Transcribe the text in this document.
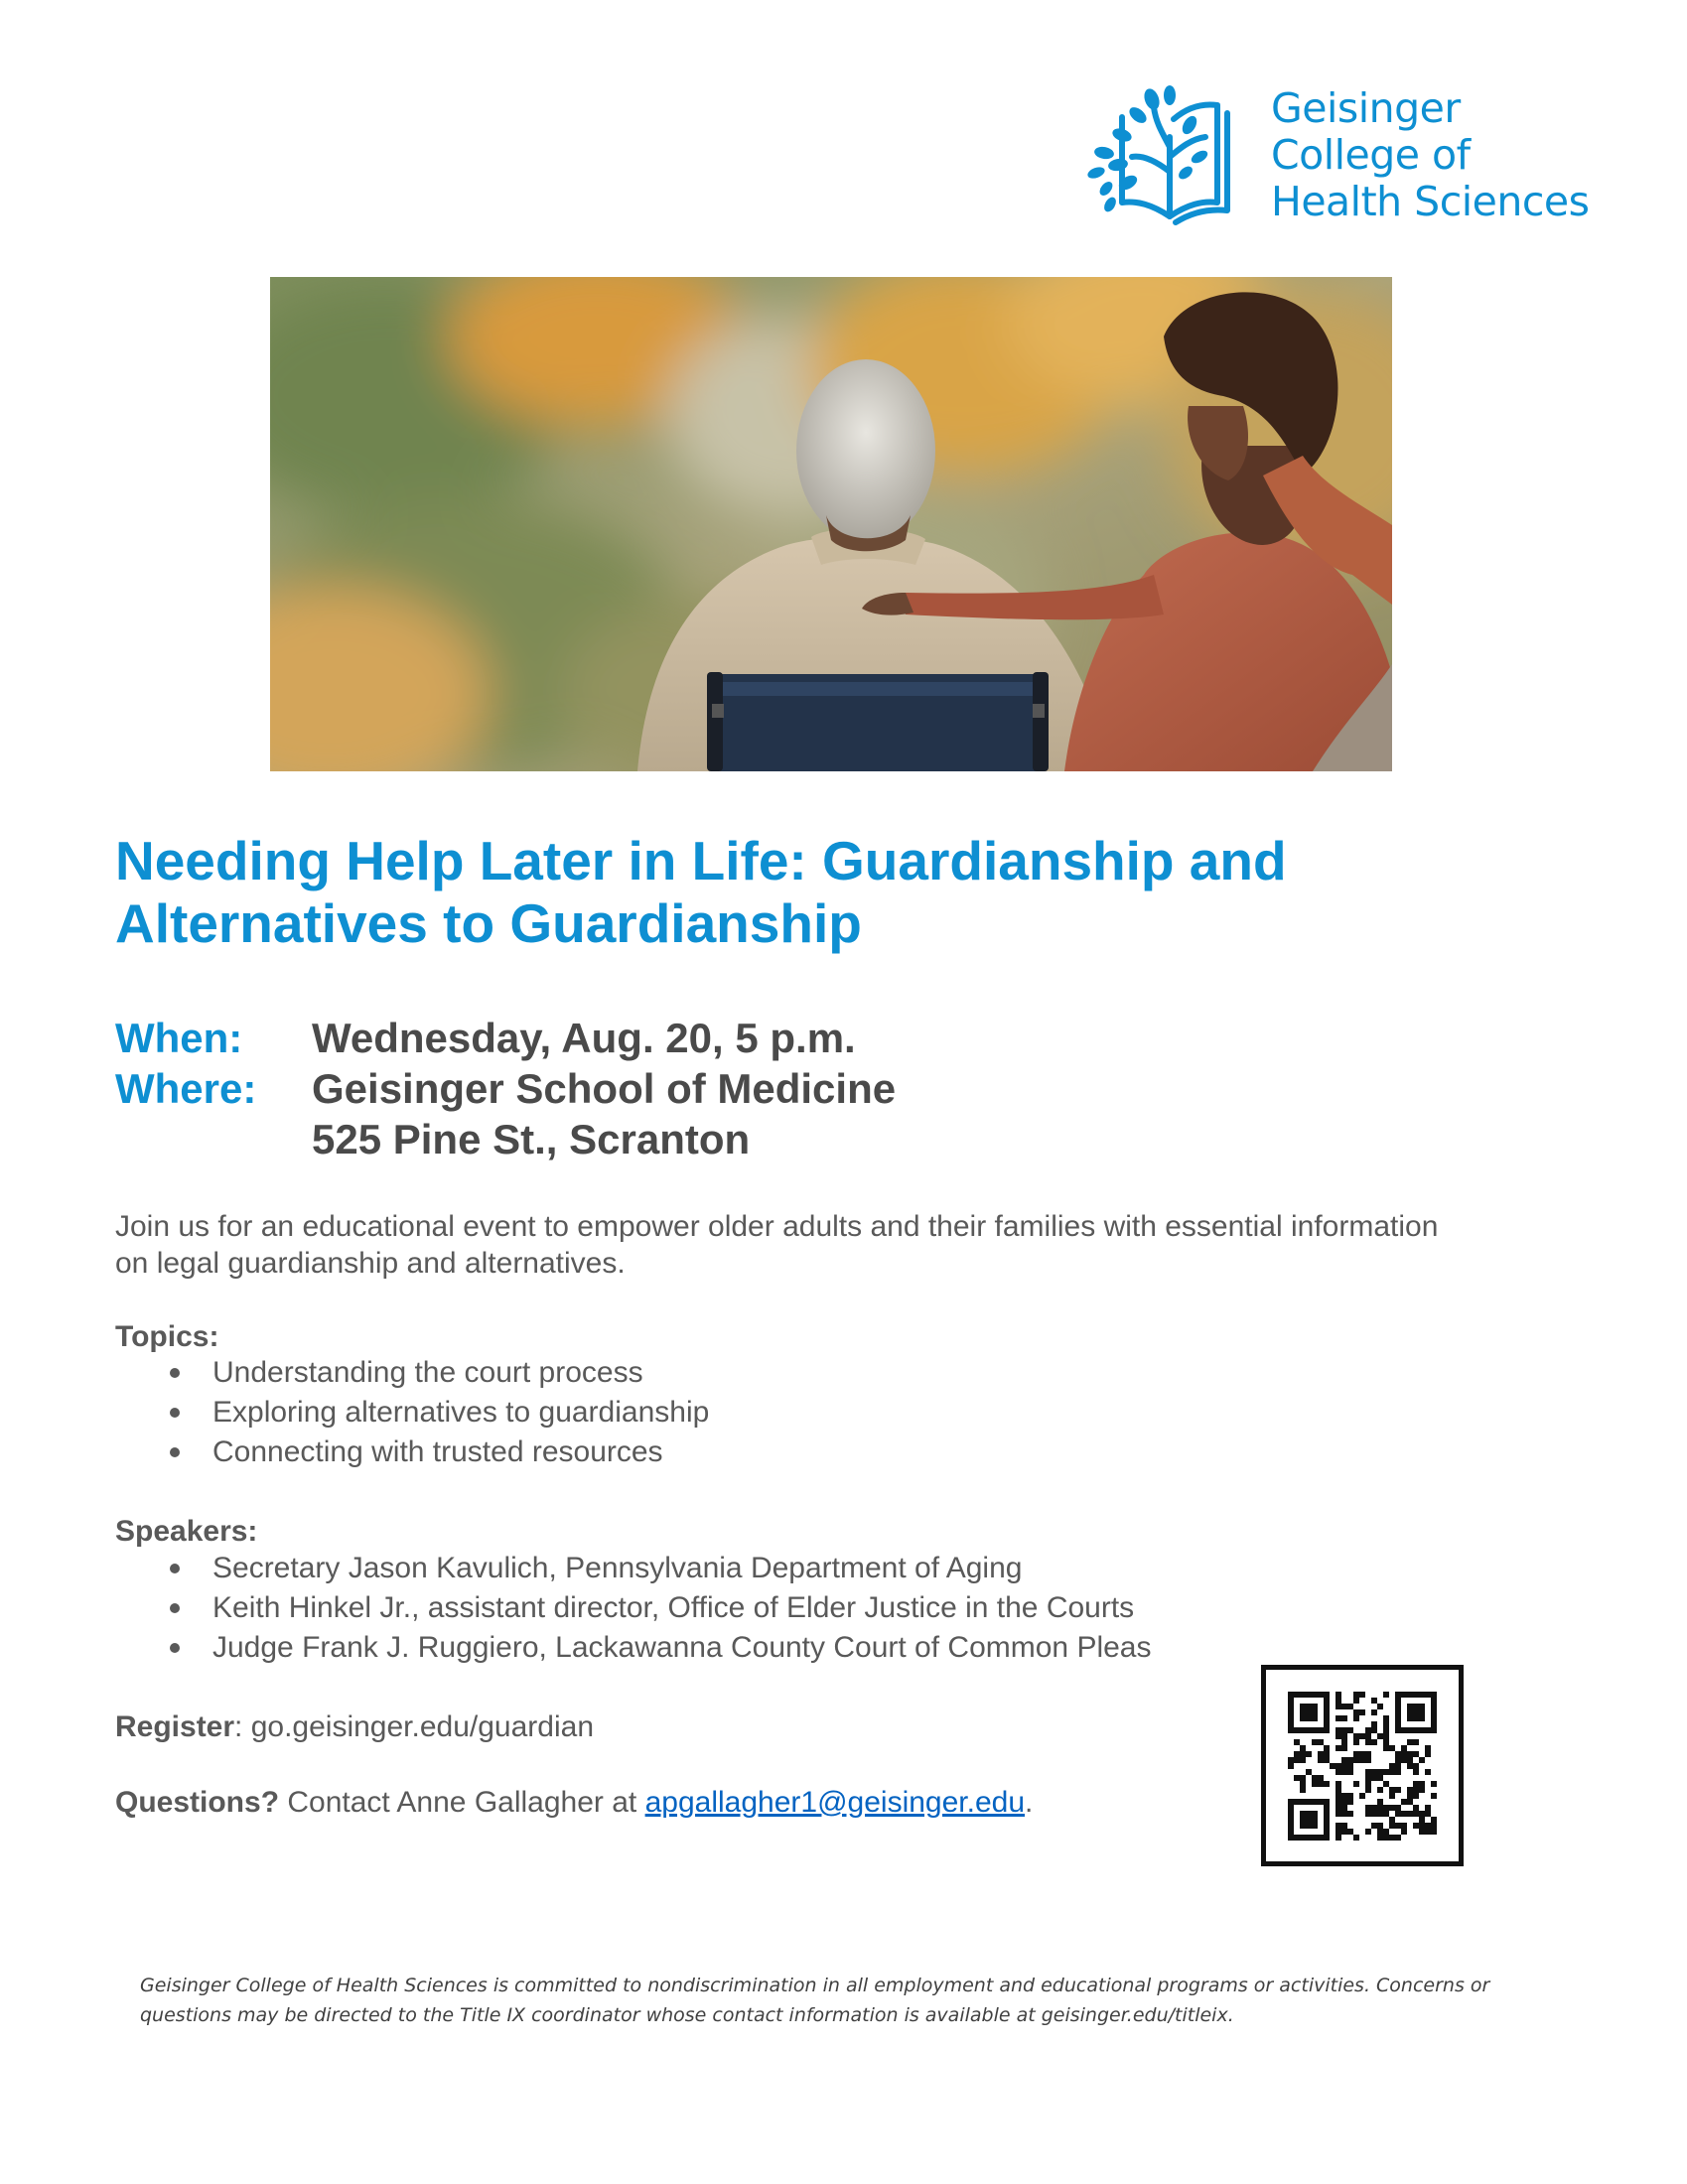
Geisinger
College of
Health Sciences
Needing Help Later in Life: Guardianship and Alternatives to Guardianship
When:	Wednesday, Aug. 20, 5 p.m.
Where:	Geisinger School of Medicine
525 Pine St., Scranton

Join us for an educational event to empower older adults and their families with essential information on legal guardianship and alternatives.

Topics:
Understanding the court process
Exploring alternatives to guardianship
Connecting with trusted resources
Speakers:
Secretary Jason Kavulich, Pennsylvania Department of Aging
Keith Hinkel Jr., assistant director, Office of Elder Justice in the Courts
Judge Frank J. Ruggiero, Lackawanna County Court of Common Pleas
Register: go.geisinger.edu/guardian
Questions? Contact Anne Gallagher at apgallagher1@geisinger.edu.

Geisinger College of Health Sciences is committed to nondiscrimination in all employment and educational programs or activities. Concerns or questions may be directed to the Title IX coordinator whose contact information is available at geisinger.edu/titleix.
